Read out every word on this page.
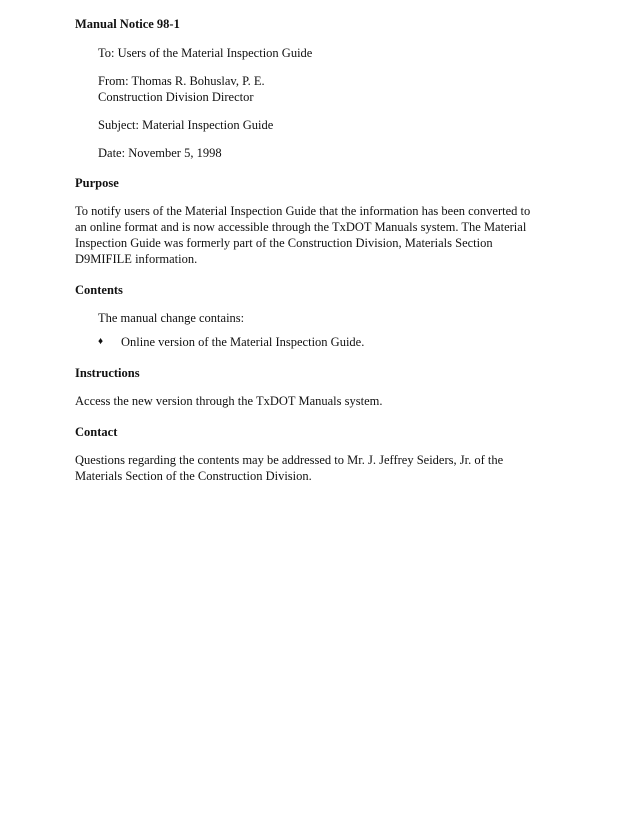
Manual Notice 98-1
To: Users of the Material Inspection Guide
From: Thomas R. Bohuslav, P. E.
Construction Division Director
Subject: Material Inspection Guide
Date: November 5, 1998
Purpose
To notify users of the Material Inspection Guide that the information has been converted to
an online format and is now accessible through the TxDOT Manuals system. The Material
Inspection Guide was formerly part of the Construction Division, Materials Section
D9MIFILE information.
Contents
The manual change contains:
♦	Online version of the Material Inspection Guide.
Instructions
Access the new version through the TxDOT Manuals system.
Contact
Questions regarding the contents may be addressed to Mr. J. Jeffrey Seiders, Jr. of the
Materials Section of the Construction Division.
